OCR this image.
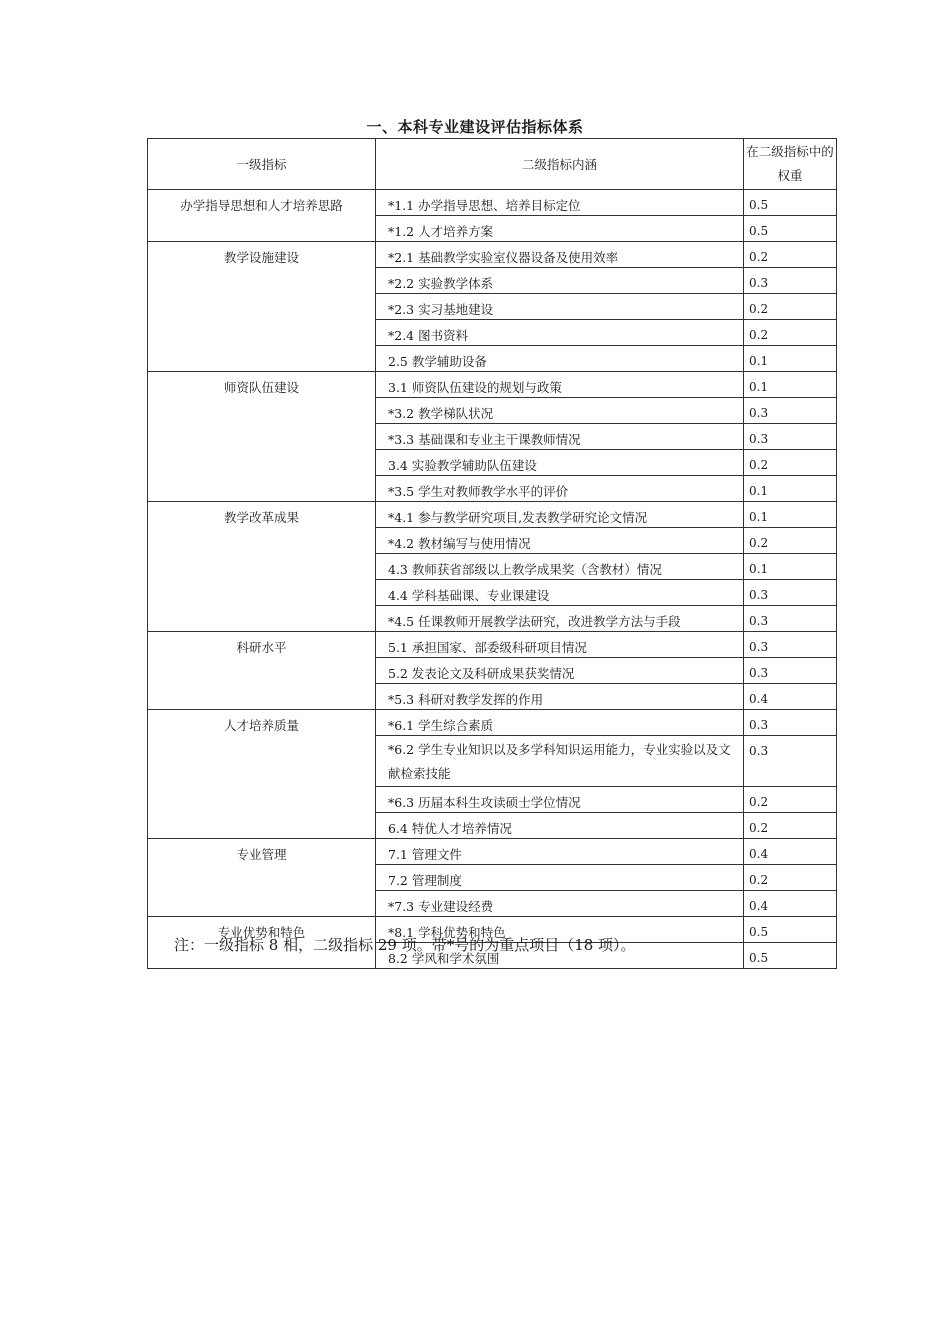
一、本科专业建设评估指标体系
一级指标	二级指标内涵	在二级指标中的权重
办学指导思想和人才培养思路	*1.1 办学指导思想、培养目标定位	0.5
	*1.2 人才培养方案	0.5
教学设施建设	*2.1 基础教学实验室仪器设备及使用效率	0.2
	*2.2 实验教学体系	0.3
	*2.3 实习基地建设	0.2
	*2.4 图书资料	0.2
	2.5 教学辅助设备	0.1
师资队伍建设	3.1 师资队伍建设的规划与政策	0.1
	*3.2 教学梯队状况	0.3
	*3.3 基础课和专业主干课教师情况	0.3
	3.4 实验教学辅助队伍建设	0.2
	*3.5 学生对教师教学水平的评价	0.1
教学改革成果	*4.1 参与教学研究项目,发表教学研究论文情况	0.1
	*4.2 教材编写与使用情况	0.2
	4.3 教师获省部级以上教学成果奖（含教材）情况	0.1
	4.4 学科基础课、专业课建设	0.3
	*4.5 任课教师开展教学法研究，改进教学方法与手段	0.3
科研水平	5.1 承担国家、部委级科研项目情况	0.3
	5.2 发表论文及科研成果获奖情况	0.3
	*5.3 科研对教学发挥的作用	0.4
人才培养质量	*6.1 学生综合素质	0.3
	*6.2 学生专业知识以及多学科知识运用能力，专业实验以及文献检索技能	0.3
	*6.3 历届本科生攻读硕士学位情况	0.2
	6.4 特优人才培养情况	0.2
专业管理	7.1 管理文件	0.4
	7.2 管理制度	0.2
	*7.3 专业建设经费	0.4
专业优势和特色	*8.1 学科优势和特色	0.5
	8.2 学风和学术氛围	0.5
注：一级指标 8 相，二级指标 29 项。带*号的为重点项目（18 项）。
